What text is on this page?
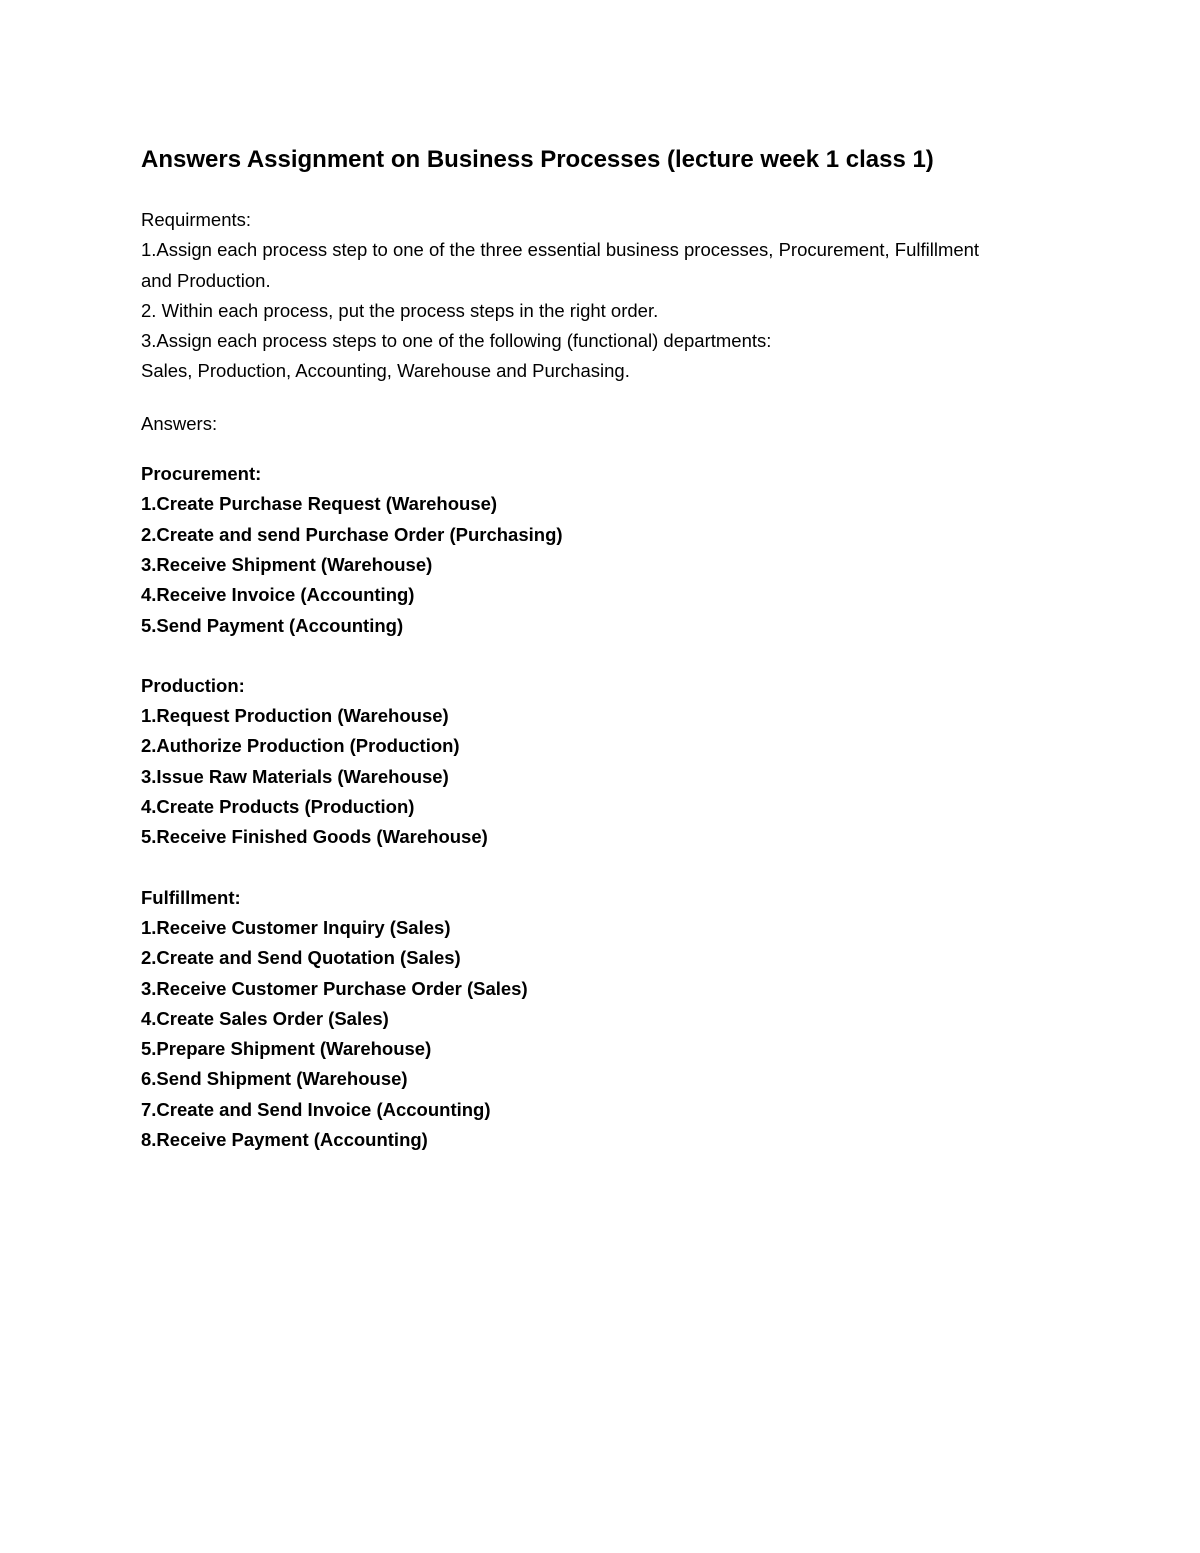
Answers Assignment on Business Processes (lecture week 1 class 1)
Requirments:
1.Assign each process step to one of the three essential business processes, Procurement, Fulfillment
and Production.
2. Within each process, put the process steps in the right order.
3.Assign each process steps to one of the following (functional) departments:
Sales, Production, Accounting, Warehouse and Purchasing.
Answers:
Procurement:
1.Create Purchase Request (Warehouse)
2.Create and send Purchase Order (Purchasing)
3.Receive Shipment (Warehouse)
4.Receive Invoice (Accounting)
5.Send Payment (Accounting)
Production:
1.Request Production (Warehouse)
2.Authorize Production (Production)
3.Issue Raw Materials (Warehouse)
4.Create Products (Production)
5.Receive Finished Goods (Warehouse)
Fulfillment:
1.Receive Customer Inquiry (Sales)
2.Create and Send Quotation (Sales)
3.Receive Customer Purchase Order (Sales)
4.Create Sales Order (Sales)
5.Prepare Shipment (Warehouse)
6.Send Shipment (Warehouse)
7.Create and Send Invoice (Accounting)
8.Receive Payment (Accounting)
